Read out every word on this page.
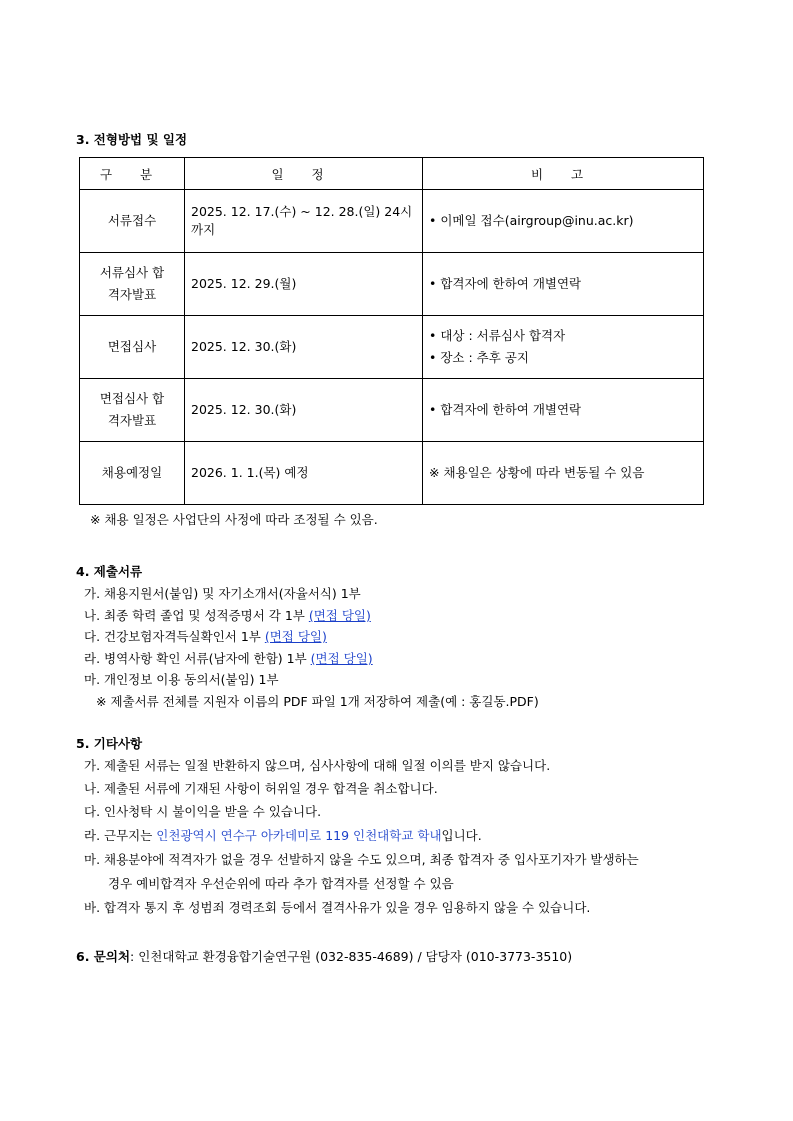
3. 전형방법 및 일정
구 분	일 정	비 고
서류접수	2025. 12. 17.(수) ~ 12. 28.(일) 24시까지	• 이메일 접수(airgroup@inu.ac.kr)
서류심사 합격자발표	2025. 12. 29.(월)	• 합격자에 한하여 개별연락
면접심사	2025. 12. 30.(화)	• 대상 : 서류심사 합격자
• 장소 : 추후 공지

면접심사 합격자발표	2025. 12. 30.(화)	• 합격자에 한하여 개별연락
채용예정일	2026. 1. 1.(목) 예정	※ 채용일은 상황에 따라 변동될 수 있음
※ 채용 일정은 사업단의 사정에 따라 조정될 수 있음.
4. 제출서류
가. 채용지원서(붙임) 및 자기소개서(자율서식) 1부
나. 최종 학력 졸업 및 성적증명서 각 1부 (면접 당일)
다. 건강보험자격득실확인서 1부 (면접 당일)
라. 병역사항 확인 서류(남자에 한함) 1부 (면접 당일)
마. 개인정보 이용 동의서(붙임) 1부
※ 제출서류 전체를 지원자 이름의 PDF 파일 1개 저장하여 제출(예 : 홍길동.PDF)
5. 기타사항
가. 제출된 서류는 일절 반환하지 않으며, 심사사항에 대해 일절 이의를 받지 않습니다.
나. 제출된 서류에 기재된 사항이 허위일 경우 합격을 취소합니다.
다. 인사청탁 시 불이익을 받을 수 있습니다.
라. 근무지는 인천광역시 연수구 아카데미로 119 인천대학교 학내입니다.
마. 채용분야에 적격자가 없을 경우 선발하지 않을 수도 있으며, 최종 합격자 중 입사포기자가 발생하는
경우 예비합격자 우선순위에 따라 추가 합격자를 선정할 수 있음
바. 합격자 통지 후 성범죄 경력조회 등에서 결격사유가 있을 경우 임용하지 않을 수 있습니다.
6. 문의처: 인천대학교 환경융합기술연구원 (032-835-4689) / 담당자 (010-3773-3510)
